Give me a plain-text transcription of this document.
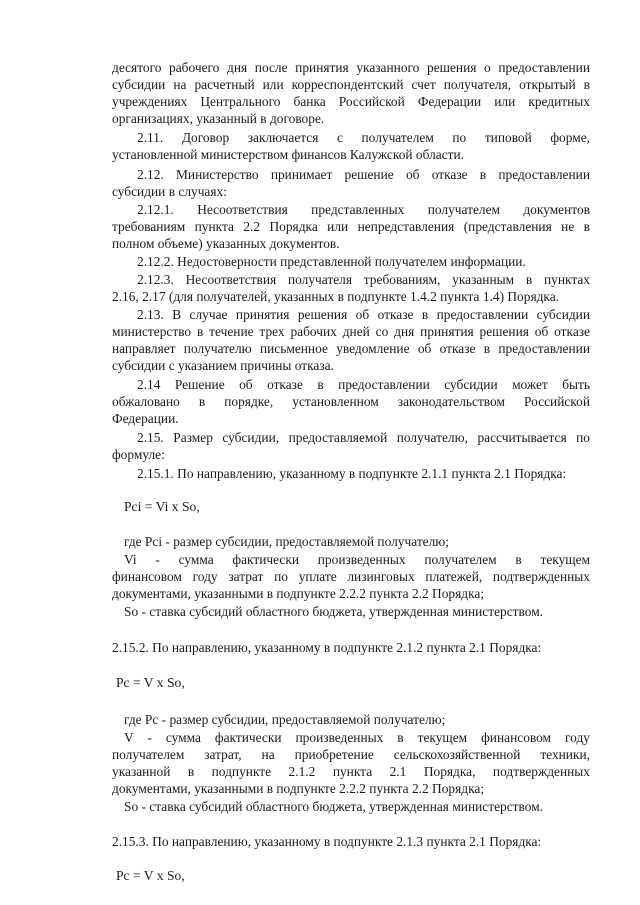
десятого рабочего дня после принятия указанного решения о предоставлении

субсидии на расчетный или корреспондентский счет получателя, открытый в

учреждениях Центрального банка Российской Федерации или кредитных

организациях, указанный в договоре.

2.11. Договор заключается с получателем по типовой форме,

установленной министерством финансов Калужской области.

2.12. Министерство принимает решение об отказе в предоставлении

субсидии в случаях:

2.12.1. Несоответствия представленных получателем документов

требованиям пункта 2.2 Порядка или непредставления (представления не в

полном объеме) указанных документов.

2.12.2. Недостоверности представленной получателем информации.

2.12.3. Несоответствия получателя требованиям, указанным в пунктах

2.16, 2.17 (для получателей, указанных в подпункте 1.4.2 пункта 1.4) Порядка.

2.13. В случае принятия решения об отказе в предоставлении субсидии

министерство в течение трех рабочих дней со дня принятия решения об отказе

направляет получателю письменное уведомление об отказе в предоставлении

субсидии с указанием причины отказа.

2.14 Решение об отказе в предоставлении субсидии может быть

обжаловано в порядке, установленном законодательством Российской

Федерации.

2.15. Размер субсидии, предоставляемой получателю, рассчитывается по

формуле:

2.15.1. По направлению, указанному в подпункте 2.1.1 пункта 2.1 Порядка:

Pci = Vi x So,

где Pci - размер субсидии, предоставляемой получателю;

Vi - сумма фактически произведенных получателем в текущем

финансовом году затрат по уплате лизинговых платежей, подтвержденных

документами, указанными в подпункте 2.2.2 пункта 2.2 Порядка;

So - ставка субсидий областного бюджета, утвержденная министерством.

2.15.2. По направлению, указанному в подпункте 2.1.2 пункта 2.1 Порядка:

Pc = V x So,

где Pc - размер субсидии, предоставляемой получателю;

V - сумма фактически произведенных в текущем финансовом году

получателем затрат, на приобретение сельскохозяйственной техники,

указанной в подпункте 2.1.2 пункта 2.1 Порядка, подтвержденных

документами, указанными в подпункте 2.2.2 пункта 2.2 Порядка;

So - ставка субсидий областного бюджета, утвержденная министерством.

2.15.3. По направлению, указанному в подпункте 2.1.3 пункта 2.1 Порядка:

Pc = V x So,
